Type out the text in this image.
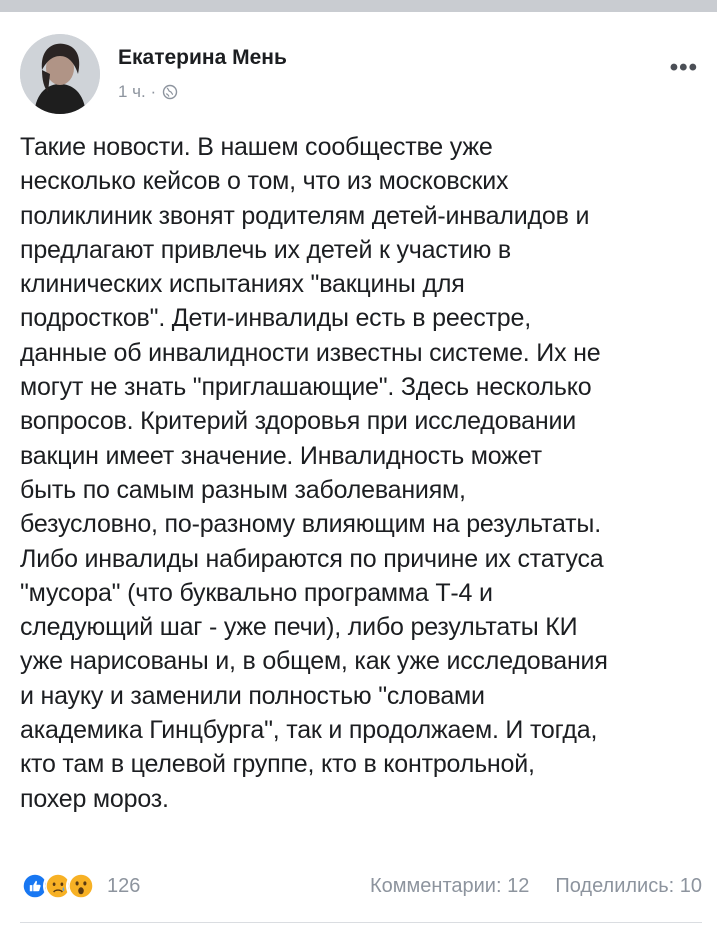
Екатерина Мень
1 ч. ·
•••
Такие новости. В нашем сообществе уже
несколько кейсов о том, что из московских
поликлиник звонят родителям детей-инвалидов и
предлагают привлечь их детей к участию в
клинических испытаниях "вакцины для
подростков". Дети-инвалиды есть в реестре,
данные об инвалидности известны системе. Их не
могут не знать "приглашающие". Здесь несколько
вопросов. Критерий здоровья при исследовании
вакцин имеет значение. Инвалидность может
быть по самым разным заболеваниям,
безусловно, по-разному влияющим на результаты.
Либо инвалиды набираются по причине их статуса
"мусора" (что буквально программа Т-4 и
следующий шаг - уже печи), либо результаты КИ
уже нарисованы и, в общем, как уже исследования
и науку и заменили полностью "словами
академика Гинцбурга", так и продолжаем. И тогда,
кто там в целевой группе, кто в контрольной,
похер мороз.
126	Комментарии: 12 Поделились: 10
